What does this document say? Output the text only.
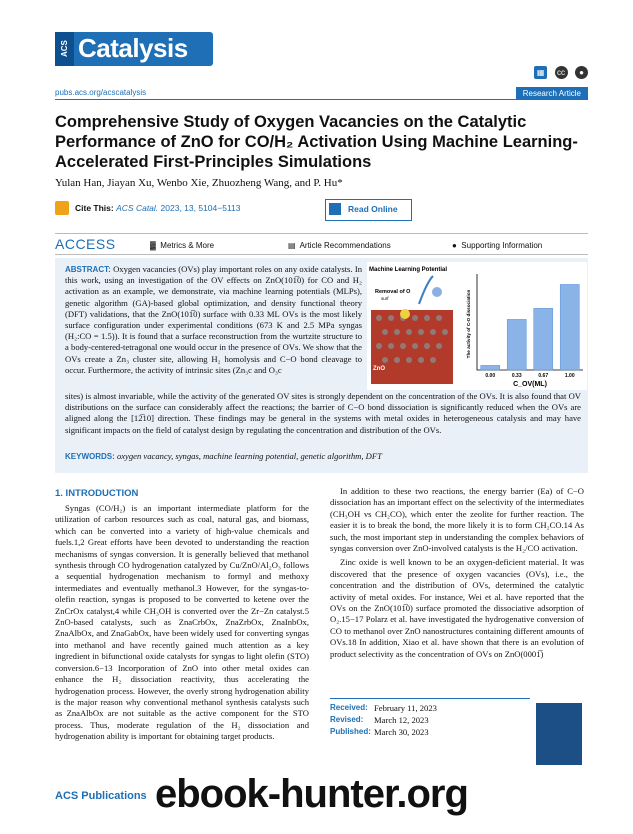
ACS Catalysis
▦ cc ●
pubs.acs.org/acscatalysis	Research Article
Comprehensive Study of Oxygen Vacancies on the Catalytic Performance of ZnO for CO/H₂ Activation Using Machine Learning-Accelerated First-Principles Simulations
Yulan Han, Jiayan Xu, Wenbo Xie, Zhuozheng Wang, and P. Hu*
Cite This: ACS Catal. 2023, 13, 5104−5113	Read Online
ACCESS	▓ Metrics & More	▤ Article Recommendations	● Supporting Information
ABSTRACT: Oxygen vacancies (OVs) play important roles on any oxide catalysts. In this work, using an investigation of the OV effects on ZnO(101̅0) for CO and H₂ activation as an example, we demonstrate, via machine learning potentials (MLPs), genetic algorithm (GA)-based global optimization, and density functional theory (DFT) validations, that the ZnO(101̅0) surface with 0.33 ML OVs is the most likely surface configuration under experimental conditions (673 K and 2.5 MPa syngas (H₂:CO = 1.5)). It is found that a surface reconstruction from the wurtzite structure to a body-centered-tetragonal one would occur in the presence of OVs. We show that the OVs create a Zn₃ cluster site, allowing H₂ homolysis and C−O bond cleavage to occur. Furthermore, the activity of intrinsic sites (Zn₃c and O₃c
sites) is almost invariable, while the activity of the generated OV sites is strongly dependent on the concentration of the OVs. It is also found that OV distributions on the surface can considerably affect the reactions; the barrier of C−O bond dissociation is significantly reduced when the OVs are aligned along the [12̅10] direction. These findings may be general in the systems with metal oxides in heterogeneous catalysis and may have significant impacts on the field of catalyst design by regulating the concentration and distribution of the OVs.
KEYWORDS: oxygen vacancy, syngas, machine learning potential, genetic algorithm, DFT
Machine Learning Potential
Removal of O
surf
ZnO
0.00	0.33	0.67	1.00
C_OV(ML)
The activity of C-O dissociation
1. INTRODUCTION

Syngas (CO/H₂) is an important intermediate platform for the utilization of carbon resources such as coal, natural gas, and biomass, which can be converted into a variety of high-value chemicals and fuels.1,2 Great efforts have been devoted to understanding the reaction mechanisms of syngas conversion. It is generally believed that methanol synthesis through CO hydrogenation catalyzed by Cu/ZnO/Al₂O₃ follows a sequential hydrogenation mechanism to formyl and methoxy intermediates and eventually methanol.3 However, for the syngas-to-olefin reaction, syngas is proposed to be converted to ketene over the ZnCrOx catalyst,4 while CH₃OH is converted over the Zr−Zn catalyst.5 ZnO-based catalysts, such as ZnaCrbOx, ZnaZrbOx, ZnaInbOx, ZnaAlbOx, and ZnaGabOx, have been widely used for converting syngas into methanol and have recently gained much attention as a key ingredient in bifunctional oxide catalysts for syngas to light olefin (STO) conversion.6−13 Incorporation of ZnO into other metal oxides can enhance the H₂ dissociation reactivity, thus accelerating the hydrogenation process. However, the overly strong hydrogenation ability is the major reason why conventional methanol synthesis catalysts such as ZnaAlbOx are not suitable as the active component for the STO process. Thus, moderate regulation of the H₂ dissociation and hydrogenation ability is important for obtaining target products.

In addition to these two reactions, the energy barrier (Ea) of C−O dissociation has an important effect on the selectivity of the intermediates (CH₃OH vs CH₂CO), which enter the zeolite for further reaction. The easier it is to break the bond, the more likely it is to form CH₂CO.14 As such, the most important step in understanding the complex behaviors of syngas conversion over ZnO-involved catalysts is the H₂/CO activation.

Zinc oxide is well known to be an oxygen-deficient material. It was discovered that the presence of oxygen vacancies (OVs), i.e., the concentration and the distribution of OVs, determined the catalytic activity of metal oxides. For instance, Wei et al. have reported that the OVs on the ZnO(101̅0) surface promoted the dissociative adsorption of O₂.15−17 Polarz et al. have investigated the hydrogenative conversion of CO to methanol over ZnO nanostructures containing different amounts of OVs.18 In addition, Xiao et al. have shown that there is an evolution of product selectivity as the concentration of OVs on ZnO(0001̅)

Received: February 11, 2023
Revised:	March 12, 2023
Published: March 30, 2023
ACS Publications ebook-hunter.org
